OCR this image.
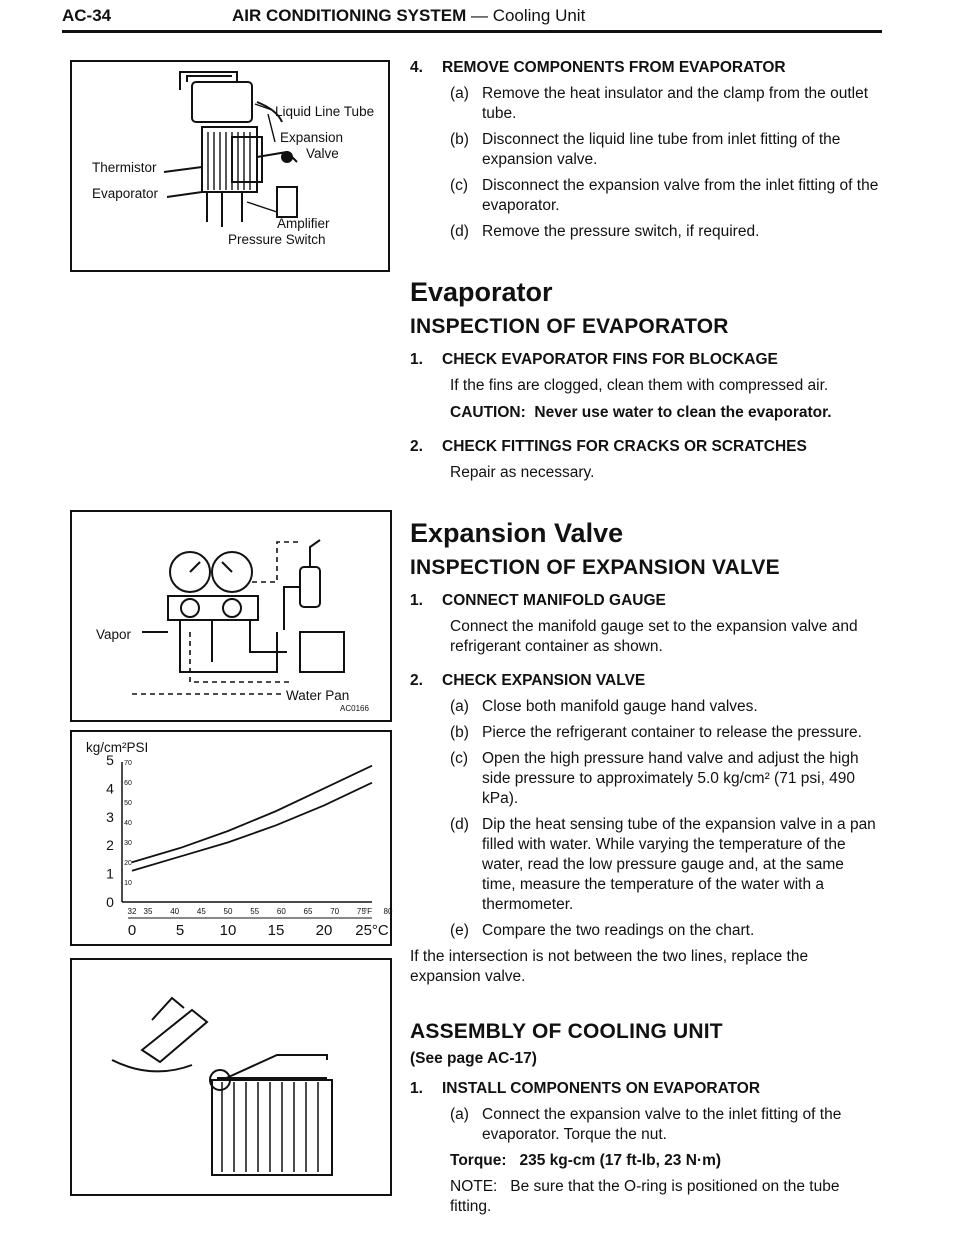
AC-34	AIR CONDITIONING SYSTEM — Cooling Unit
Liquid Line Tube
Expansion
Valve
Thermistor
Evaporator
Amplifier
Pressure Switch
Vapor
Water Pan
AC0166
kg/cm²PSI
5
4
3
2
1
0
70
60
50
40
30
20
10
32 35 40 45 50 55 60 65 70 75 80
°F
0	5 10 15 20 25°C

4. REMOVE COMPONENTS FROM EVAPORATOR

(a) Remove the heat insulator and the clamp from the outlet tube.

(b) Disconnect the liquid line tube from inlet fitting of the expansion valve.

(c) Disconnect the expansion valve from the inlet fitting of the evaporator.

(d) Remove the pressure switch, if required.

Evaporator

INSPECTION OF EVAPORATOR

1. CHECK EVAPORATOR FINS FOR BLOCKAGE

If the fins are clogged, clean them with compressed air.

CAUTION: Never use water to clean the evaporator.

2. CHECK FITTINGS FOR CRACKS OR SCRATCHES

Repair as necessary.

Expansion Valve

INSPECTION OF EXPANSION VALVE

1. CONNECT MANIFOLD GAUGE

Connect the manifold gauge set to the expansion valve and refrigerant container as shown.

2. CHECK EXPANSION VALVE

(a) Close both manifold gauge hand valves.

(b) Pierce the refrigerant container to release the pressure.

(c) Open the high pressure hand valve and adjust the high side pressure to approximately 5.0 kg/cm² (71 psi, 490 kPa).

(d) Dip the heat sensing tube of the expansion valve in a pan filled with water. While varying the temperature of the water, read the low pressure gauge and, at the same time, measure the temperature of the water with a thermometer.

(e) Compare the two readings on the chart.

If the intersection is not between the two lines, replace the expansion valve.

ASSEMBLY OF COOLING UNIT

(See page AC-17)

1. INSTALL COMPONENTS ON EVAPORATOR

(a) Connect the expansion valve to the inlet fitting of the evaporator. Torque the nut.

Torque: 235 kg-cm (17 ft-lb, 23 N·m)

NOTE: Be sure that the O-ring is positioned on the tube fitting.
